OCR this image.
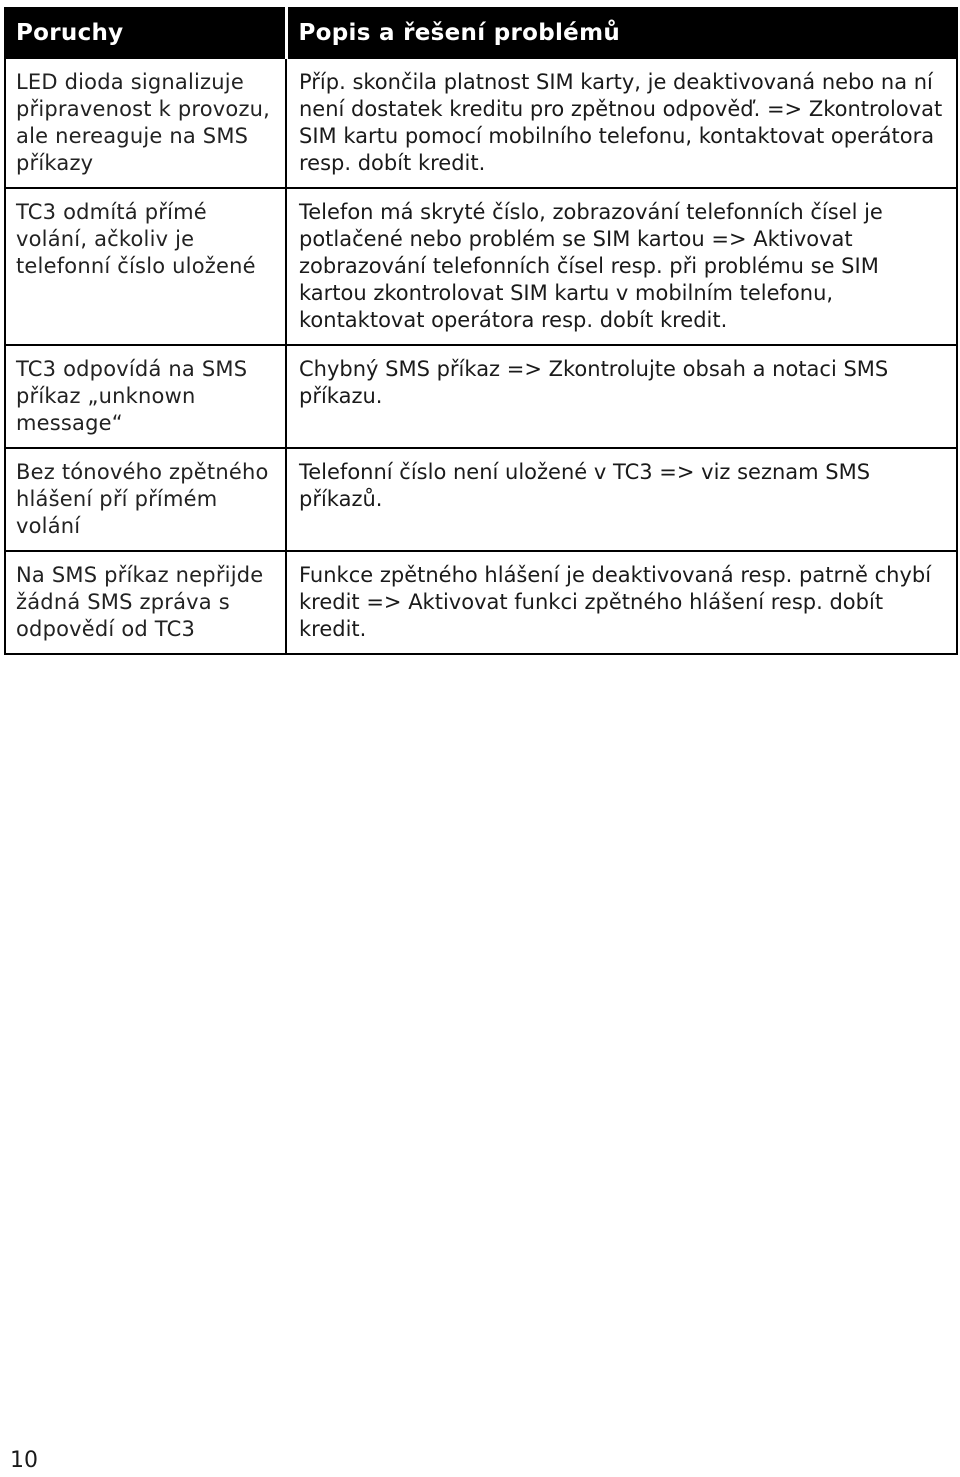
Poruchy	Popis a řešení problémů
LED dioda signalizuje připravenost k provozu, ale nereaguje na SMS příkazy	Příp. skončila platnost SIM karty, je deaktivovaná nebo na ní není dostatek kreditu pro zpětnou odpověď. => Zkontrolovat SIM kartu pomocí mobilního telefonu, kontaktovat operátora resp. dobít kredit.
TC3 odmítá přímé volání, ačkoliv je telefonní číslo uložené	Telefon má skryté číslo, zobrazování telefonních čísel je potlačené nebo problém se SIM kartou => Aktivovat zobrazování telefonních čísel resp. při problému se SIM kartou zkontrolovat SIM kartu v mobilním telefonu, kontaktovat operátora resp. dobít kredit.
TC3 odpovídá na SMS příkaz „unknown message“	Chybný SMS příkaz => Zkontrolujte obsah a notaci SMS příkazu.
Bez tónového zpětného hlášení pří přímém volání	Telefonní číslo není uložené v TC3 => viz seznam SMS příkazů.
Na SMS příkaz nepřijde žádná SMS zpráva s odpovědí od TC3	Funkce zpětného hlášení je deaktivovaná resp. patrně chybí kredit => Aktivovat funkci zpětného hlášení resp. dobít kredit.
10
